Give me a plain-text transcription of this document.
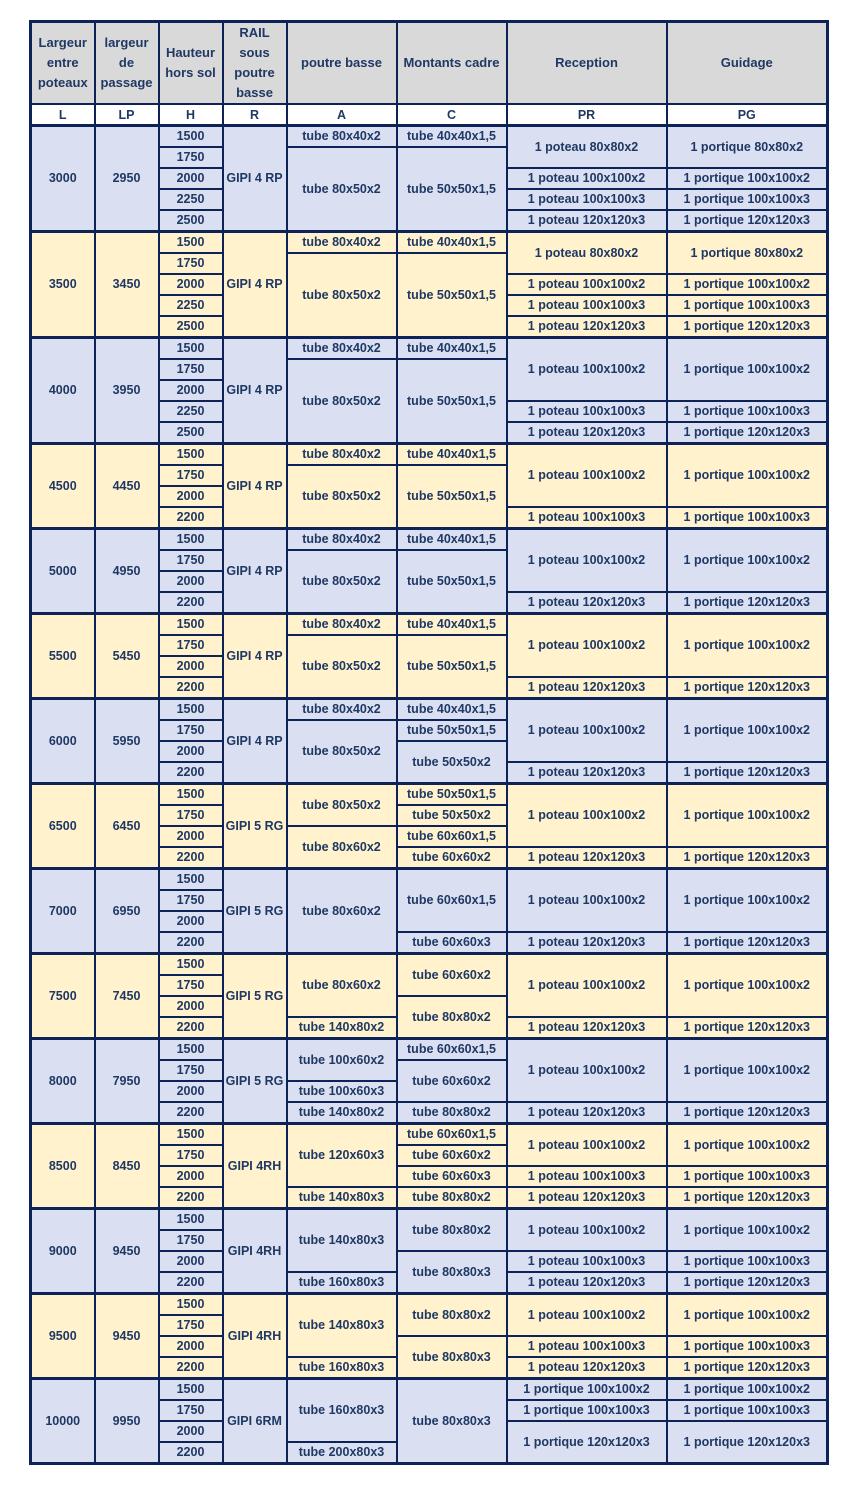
Largeur entre poteaux	largeur de passage	Hauteur hors sol	RAIL sous poutre basse	poutre basse	Montants cadre	Reception	Guidage
L	LP	H	R	A	C	PR	PG
3000	2950	1500	GIPI 4 RP	tube 80x40x2	tube 40x40x1,5	1 poteau 80x80x2	1 portique 80x80x2
		1750		tube 80x50x2	tube 50x50x1,5		
		2000				1 poteau 100x100x2	1 portique 100x100x2
		2250				1 poteau 100x100x3	1 portique 100x100x3
		2500				1 poteau 120x120x3	1 portique 120x120x3
3500	3450	1500	GIPI 4 RP	tube 80x40x2	tube 40x40x1,5	1 poteau 80x80x2	1 portique 80x80x2
		1750		tube 80x50x2	tube 50x50x1,5		
		2000				1 poteau 100x100x2	1 portique 100x100x2
		2250				1 poteau 100x100x3	1 portique 100x100x3
		2500				1 poteau 120x120x3	1 portique 120x120x3
4000	3950	1500	GIPI 4 RP	tube 80x40x2	tube 40x40x1,5	1 poteau 100x100x2	1 portique 100x100x2
		1750		tube 80x50x2	tube 50x50x1,5		
		2000					
		2250				1 poteau 100x100x3	1 portique 100x100x3
		2500				1 poteau 120x120x3	1 portique 120x120x3
4500	4450	1500	GIPI 4 RP	tube 80x40x2	tube 40x40x1,5	1 poteau 100x100x2	1 portique 100x100x2
		1750		tube 80x50x2	tube 50x50x1,5		
		2000					
		2200				1 poteau 100x100x3	1 portique 100x100x3
5000	4950	1500	GIPI 4 RP	tube 80x40x2	tube 40x40x1,5	1 poteau 100x100x2	1 portique 100x100x2
		1750		tube 80x50x2	tube 50x50x1,5		
		2000					
		2200				1 poteau 120x120x3	1 portique 120x120x3
5500	5450	1500	GIPI 4 RP	tube 80x40x2	tube 40x40x1,5	1 poteau 100x100x2	1 portique 100x100x2
		1750		tube 80x50x2	tube 50x50x1,5		
		2000					
		2200				1 poteau 120x120x3	1 portique 120x120x3
6000	5950	1500	GIPI 4 RP	tube 80x40x2	tube 40x40x1,5	1 poteau 100x100x2	1 portique 100x100x2
		1750		tube 80x50x2	tube 50x50x1,5		
		2000			tube 50x50x2		
		2200				1 poteau 120x120x3	1 portique 120x120x3
6500	6450	1500	GIPI 5 RG	tube 80x50x2	tube 50x50x1,5	1 poteau 100x100x2	1 portique 100x100x2
		1750			tube 50x50x2		
		2000		tube 80x60x2	tube 60x60x1,5		
		2200			tube 60x60x2	1 poteau 120x120x3	1 portique 120x120x3
7000	6950	1500	GIPI 5 RG	tube 80x60x2	tube 60x60x1,5	1 poteau 100x100x2	1 portique 100x100x2
		1750					
		2000					
		2200			tube 60x60x3	1 poteau 120x120x3	1 portique 120x120x3
7500	7450	1500	GIPI 5 RG	tube 80x60x2	tube 60x60x2	1 poteau 100x100x2	1 portique 100x100x2
		1750					
		2000			tube 80x80x2		
		2200		tube 140x80x2		1 poteau 120x120x3	1 portique 120x120x3
8000	7950	1500	GIPI 5 RG	tube 100x60x2	tube 60x60x1,5	1 poteau 100x100x2	1 portique 100x100x2
		1750			tube 60x60x2		
		2000		tube 100x60x3			
		2200		tube 140x80x2	tube 80x80x2	1 poteau 120x120x3	1 portique 120x120x3
8500	8450	1500	GIPI 4RH	tube 120x60x3	tube 60x60x1,5	1 poteau 100x100x2	1 portique 100x100x2
		1750			tube 60x60x2		
		2000			tube 60x60x3	1 poteau 100x100x3	1 portique 100x100x3
		2200		tube 140x80x3	tube 80x80x2	1 poteau 120x120x3	1 portique 120x120x3
9000	9450	1500	GIPI 4RH	tube 140x80x3	tube 80x80x2	1 poteau 100x100x2	1 portique 100x100x2
		1750					
		2000			tube 80x80x3	1 poteau 100x100x3	1 portique 100x100x3
		2200		tube 160x80x3		1 poteau 120x120x3	1 portique 120x120x3
9500	9450	1500	GIPI 4RH	tube 140x80x3	tube 80x80x2	1 poteau 100x100x2	1 portique 100x100x2
		1750					
		2000			tube 80x80x3	1 poteau 100x100x3	1 portique 100x100x3
		2200		tube 160x80x3		1 poteau 120x120x3	1 portique 120x120x3
10000	9950	1500	GIPI 6RM	tube 160x80x3	tube 80x80x3	1 portique 100x100x2	1 portique 100x100x2
		1750				1 portique 100x100x3	1 portique 100x100x3
		2000				1 portique 120x120x3	1 portique 120x120x3
		2200		tube 200x80x3			
